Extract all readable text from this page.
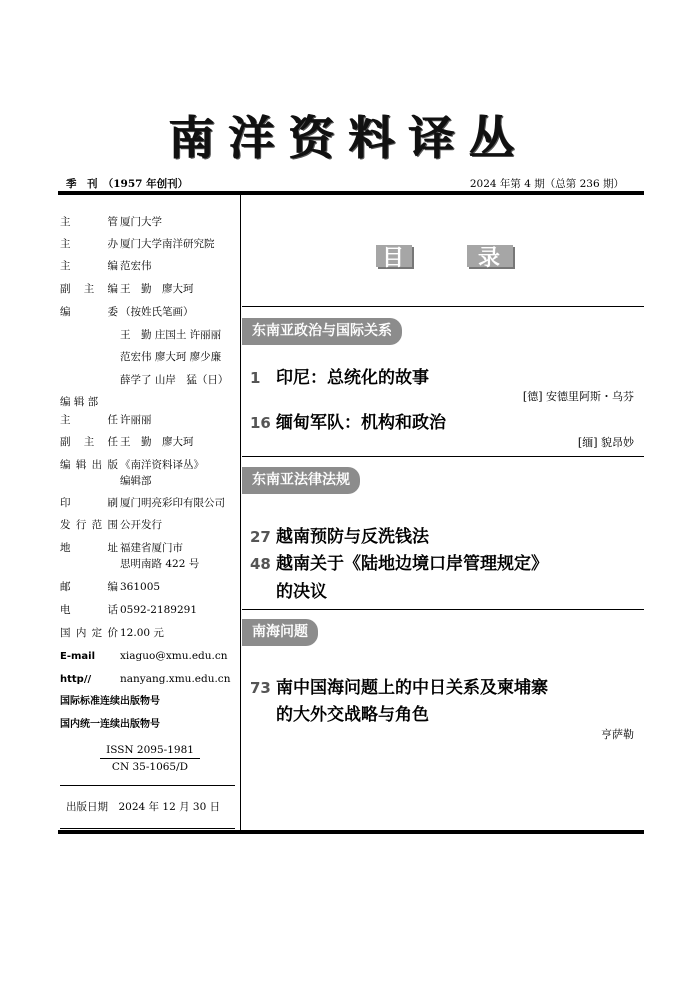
南洋资料译丛
季　 刊　 （1957 年创刊）	2024 年第 4 期（总第 236 期）
主　　管 厦门大学
主　　办 厦门大学南洋研究院
主　　编 范宏伟
副 主 编 王　勤　廖大珂
编　　委 （按姓氏笔画）
王　勤 庄国土 许丽丽
范宏伟 廖大珂 廖少廉
薛学了 山岸　猛（日）
编 辑 部
主　　任 许丽丽
副 主 任 王　勤　廖大珂
编辑出版 《南洋资料译丛》
编辑部
印　　刷 厦门明亮彩印有限公司
发行范围 公开发行
地　　址 福建省厦门市
思明南路 422 号
邮　　编 361005
电　　话 0592-2189291
国内定价 12.00 元
E-mail xiaguo@xmu.edu.cn
http//	nanyang.xmu.edu.cn
国际标准连续出版物号
国内统一连续出版物号
ISSN 2095-1981
CN 35-1065/D
出版日期　 2024 年 12 月 30 日
目	录
东南亚政治与国际关系
1 印尼：总统化的故事
[德] 安德里阿斯・乌芬
16 缅甸军队：机构和政治
[缅] 貌昂妙
东南亚法律法规
27 越南预防与反洗钱法
48 越南关于《陆地边境口岸管理规定》
的决议
南海问题
73 南中国海问题上的中日关系及柬埔寨
的大外交战略与角色
亨萨勒
